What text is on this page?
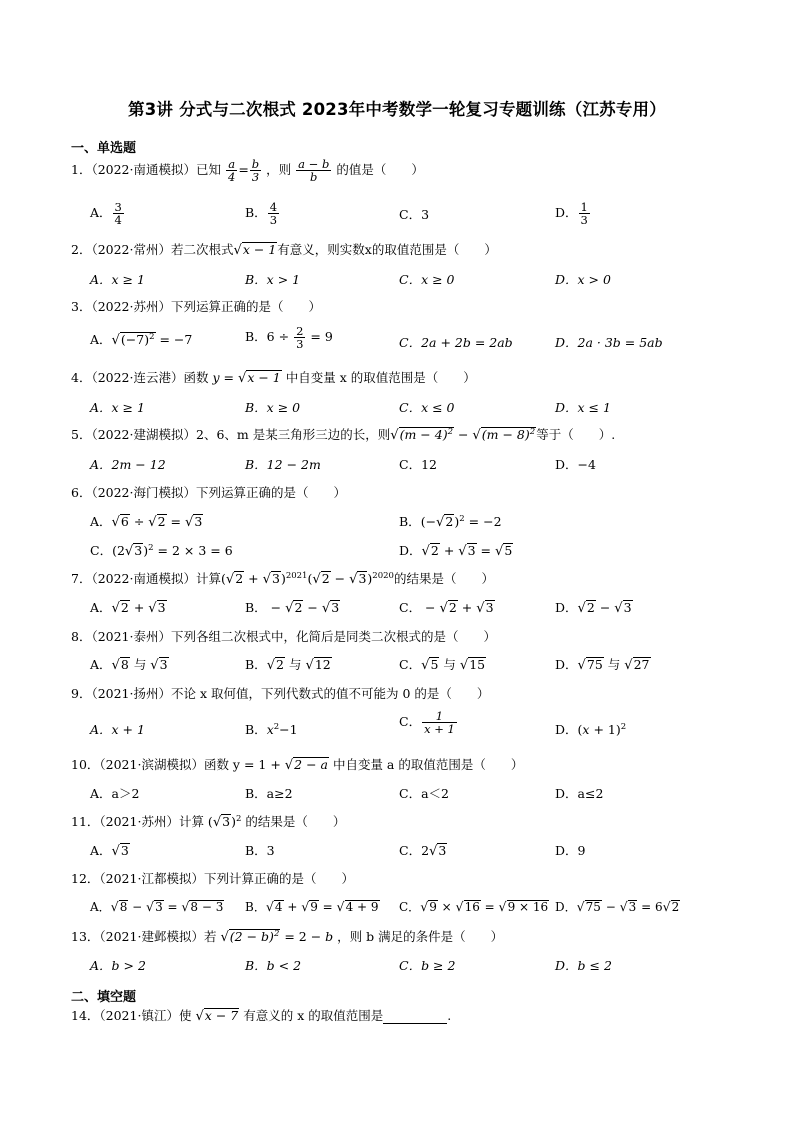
第3讲 分式与二次根式 2023年中考数学一轮复习专题训练（江苏专用）
一、单选题
1．（2022·南通模拟）已知 $\frac{a}{4} = \frac{b}{3}$ ，则 $\frac{a - b}{b}$ 的值是（　　）
A． $\frac{3}{4}$	B． $\frac{4}{3}$	C．3	D． $\frac{1}{3}$
2．（2022·常州）若二次根式√x − 1有意义，则实数x的取值范围是（　　）
A．x ≥ 1	B．x > 1	C．x ≥ 0	D．x > 0
3．（2022·苏州）下列运算正确的是（　　）
A．$√(-7)^2 = -7$	B．$6 \div \frac{2}{3} = 9$	C．2a + 2b = 2ab	D．2a · 3b = 5ab
4．（2022·连云港）函数 y = √x − 1 中自变量 x 的取值范围是（　　）
A．x ≥ 1	B．x ≥ 0	C．x ≤ 0	D．x ≤ 1
5．（2022·建湖模拟）2、6、m 是某三角形三边的长，则$√(m - 4)^2 - √(m - 8)^2$等于（　　）.
A．2m − 12	B．12 − 2m	C．12	D．−4
6．（2022·海门模拟）下列运算正确的是（　　）
A．√6 ÷ √2 = √3	B．$(-√2)^2 = -2$
C．$(2√3)^2 = 2 \times 3 = 6$	D．√2 + √3 = √5
7．（2022·南通模拟）计算$(√2 + √3)^{2021}(√2 - √3)^{2020}$的结果是（　　）
A．√2 + √3	B． − √2 − √3	C． − √2 + √3	D．√2 − √3
8．（2021·泰州）下列各组二次根式中，化简后是同类二次根式的是（　　）
A．√8 与 √3	B．√2 与 √12	C．√5 与 √15	D．√75 与 √27
9．（2021·扬州）不论 x 取何值，下列代数式的值不可能为 0 的是（　　）
A．x + 1	B．$x^2-1$
C． $\frac{1}{x + 1}$	D．$(x + 1)^2$
10．（2021·滨湖模拟）函数 y = 1 + √2 − a 中自变量 a 的取值范围是（　　）
A．a＞2	B．a≥2	C．a＜2	D．a≤2
11．（2021·苏州）计算 $(√3)^2$ 的结果是（　　）
A．√3	B．3	C．2√3	D．9
12．（2021·江都模拟）下列计算正确的是（　　）
A．√8 − √3 = √8 − 3 B．√4 + √9 = √4 + 9 C．√9 × √16 = √9 × 16 D．√75 − √3 = 6√2
13．（2021·建邺模拟）若 $√(2 - b)^2 = 2 - b$ ，则 b 满足的条件是（　　）
A．b > 2	B．b < 2	C．b ≥ 2	D．b ≤ 2
二、填空题
14．（2021·镇江）使 √x − 7 有意义的 x 的取值范围是	.
